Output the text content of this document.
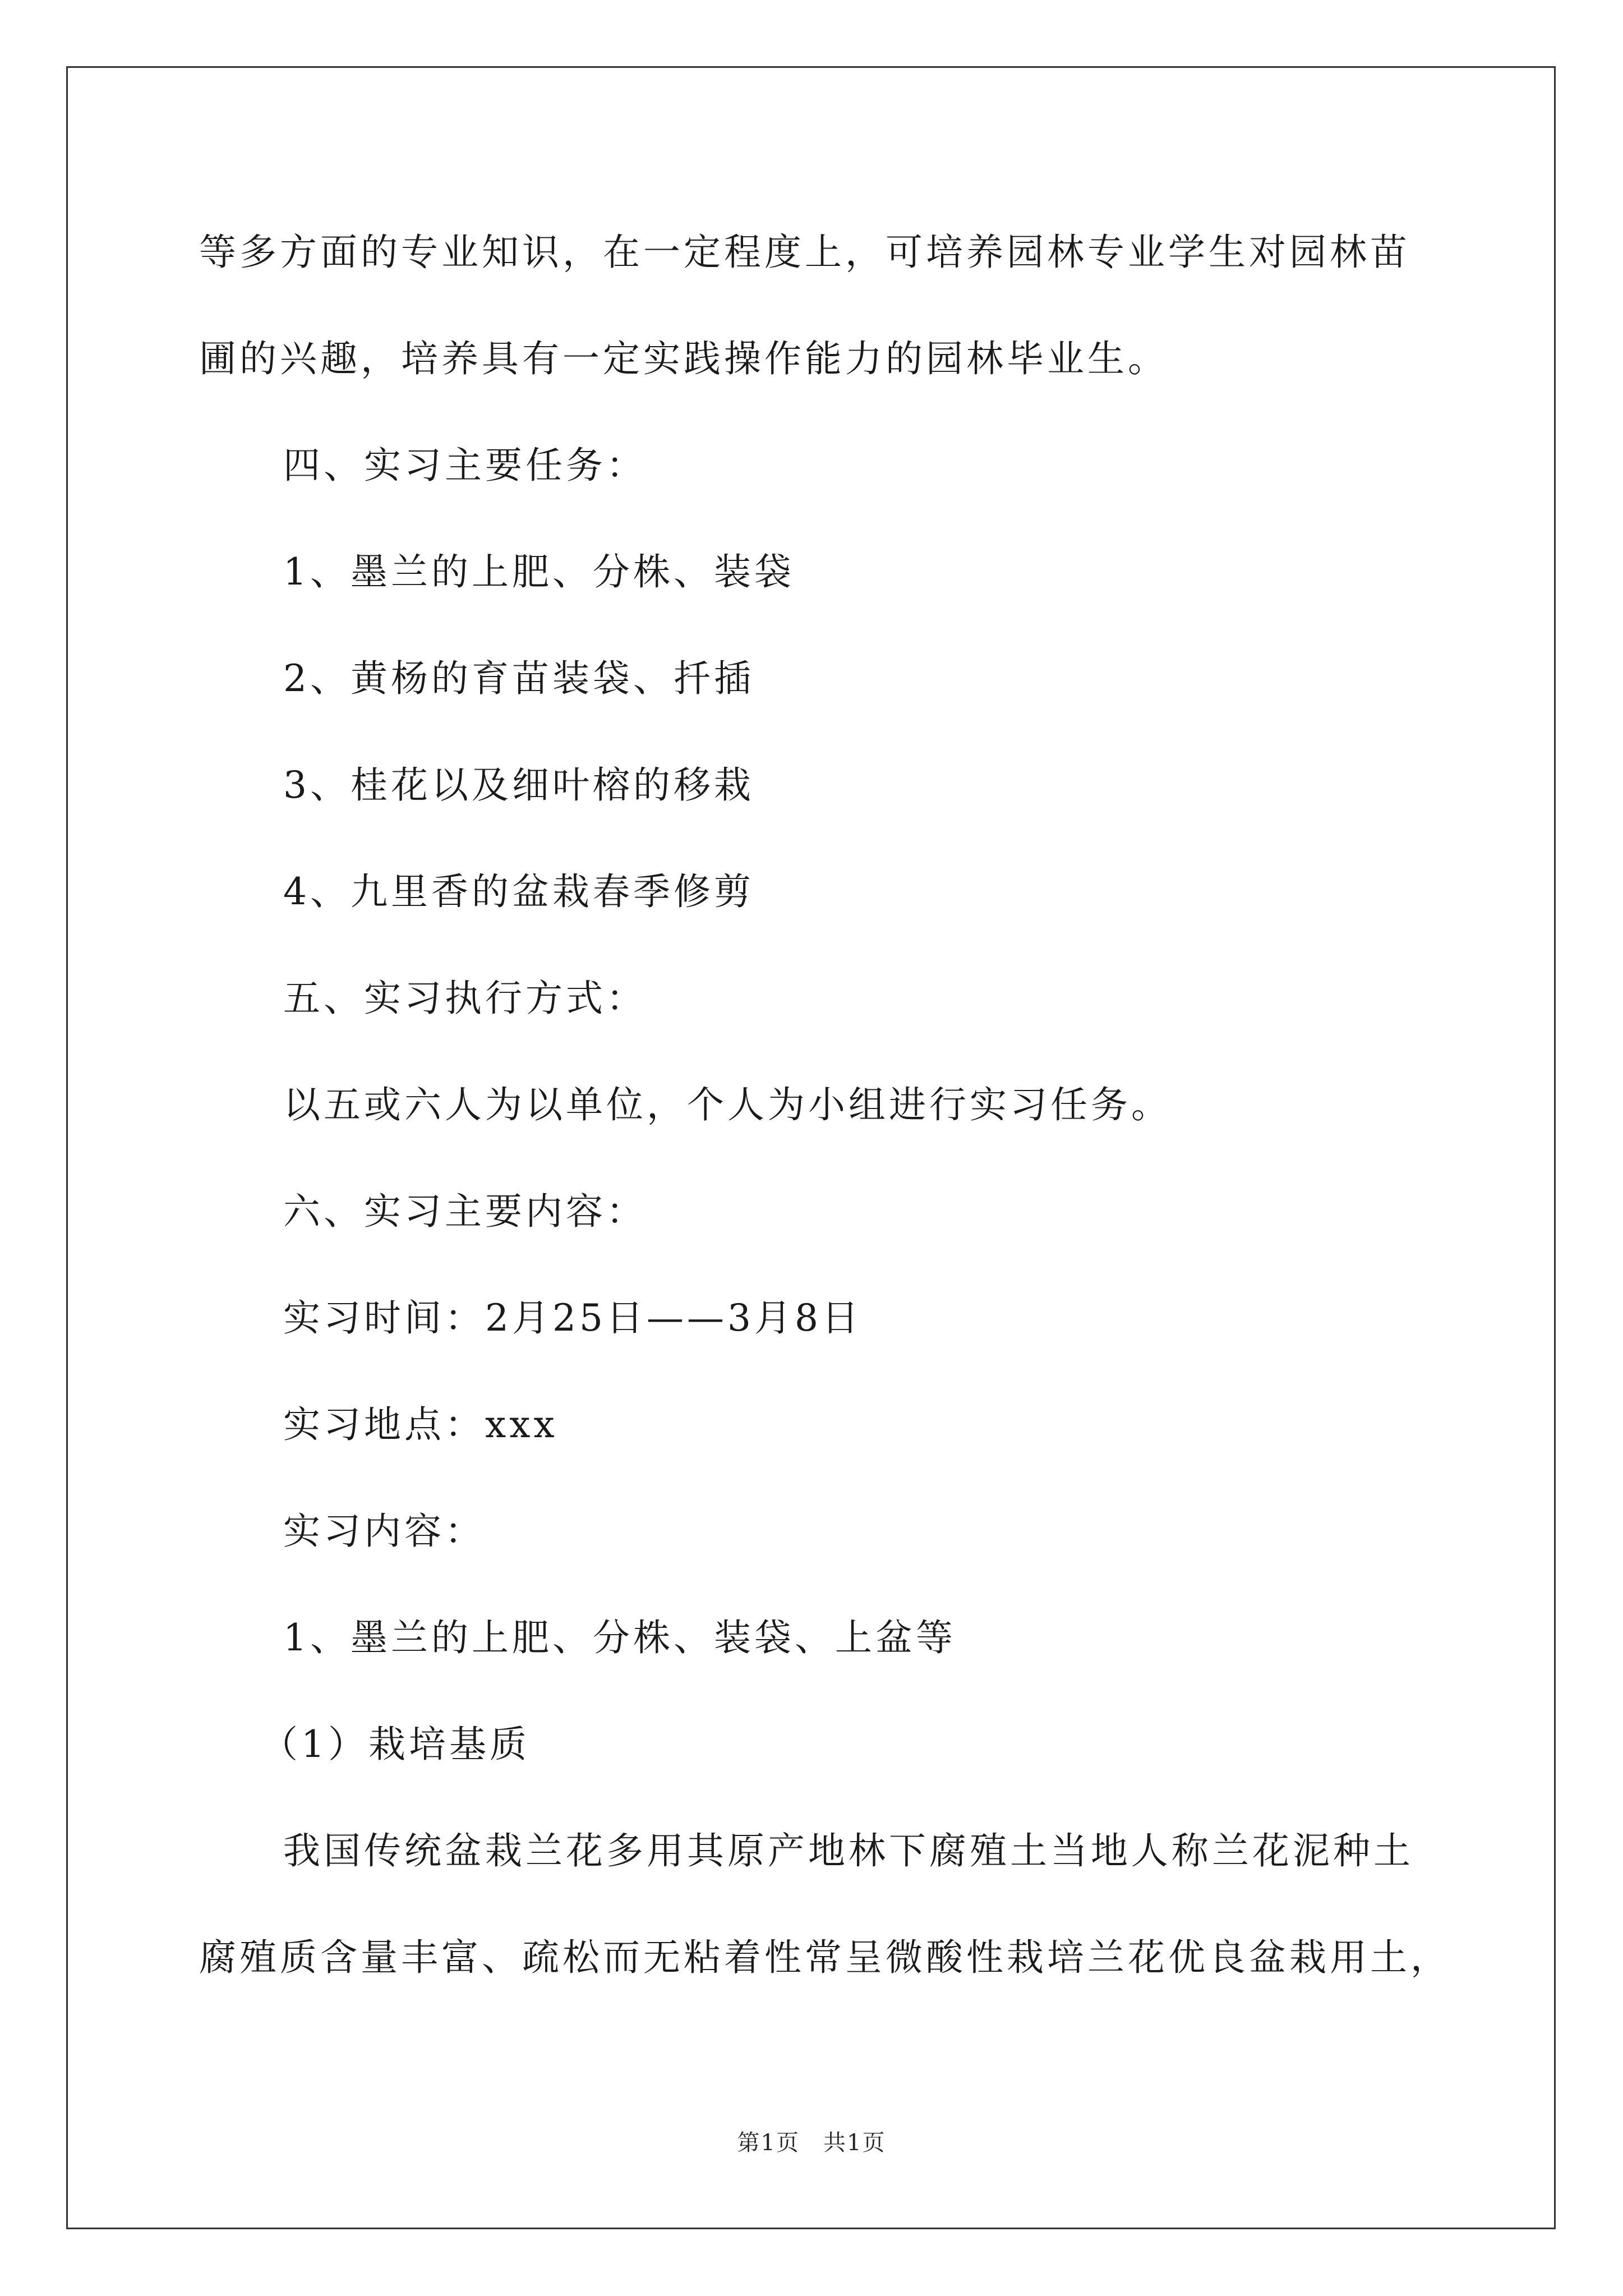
等多方面的专业知识，在一定程度上，可培养园林专业学生对园林苗
圃的兴趣，培养具有一定实践操作能力的园林毕业生。
四、实习主要任务：
1、墨兰的上肥、分株、装袋
2、黄杨的育苗装袋、扦插
3、桂花以及细叶榕的移栽
4、九里香的盆栽春季修剪
五、实习执行方式：
以五或六人为以单位，个人为小组进行实习任务。
六、实习主要内容：
实习时间：2月25日——3月8日
实习地点：xxx
实习内容：
1、墨兰的上肥、分株、装袋、上盆等
（1）栽培基质
我国传统盆栽兰花多用其原产地林下腐殖土当地人称兰花泥种土
腐殖质含量丰富、疏松而无粘着性常呈微酸性栽培兰花优良盆栽用土，
第1页　共1页
